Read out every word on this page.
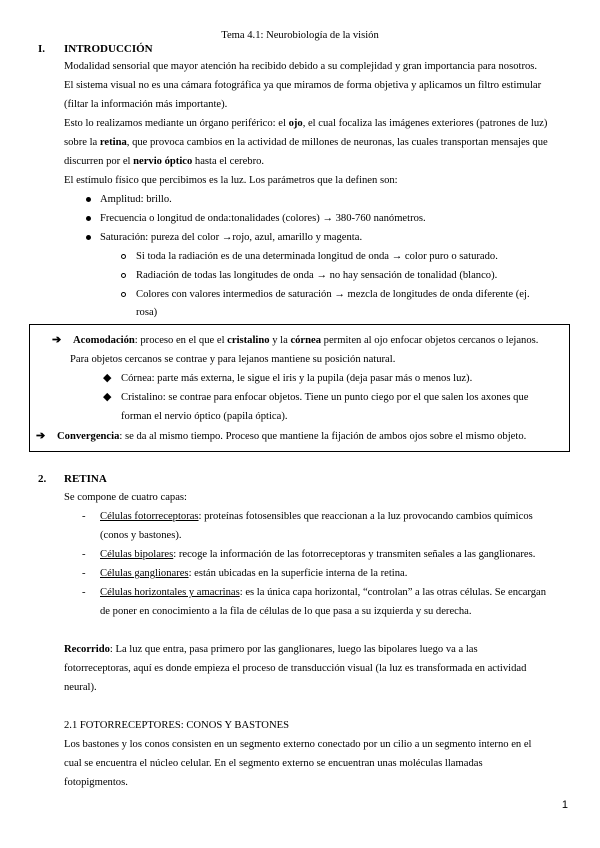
Tema 4.1: Neurobiología de la visión
I. INTRODUCCIÓN
Modalidad sensorial que mayor atención ha recibido debido a su complejidad y gran importancia para nosotros.
El sistema visual no es una cámara fotográfica ya que miramos de forma objetiva y aplicamos un filtro estimular
(filtar la información más importante).
Esto lo realizamos mediante un órgano periférico: el ojo, el cual focaliza las imágenes exteriores (patrones de luz)
sobre la retina, que provoca cambios en la actividad de millones de neuronas, las cuales transportan mensajes que
discurren por el nervio óptico hasta el cerebro.
El estímulo físico que percibimos es la luz. Los parámetros que la definen son:
Amplitud: brillo.
Frecuencia o longitud de onda:tonalidades (colores) → 380-760 nanómetros.
Saturación: pureza del color →rojo, azul, amarillo y magenta.
Si toda la radiación es de una determinada longitud de onda → color puro o saturado.
Radiación de todas las longitudes de onda → no hay sensación de tonalidad (blanco).
Colores con valores intermedios de saturación → mezcla de longitudes de onda diferente (ej.
rosa)
➔ Acomodación: proceso en el que el cristalino y la córnea permiten al ojo enfocar objetos cercanos o lejanos.
Para objetos cercanos se contrae y para lejanos mantiene su posición natural.
◆ Córnea: parte más externa, le sigue el iris y la pupila (deja pasar más o menos luz).
◆ Cristalino: se contrae para enfocar objetos. Tiene un punto ciego por el que salen los axones que
forman el nervio óptico (papila óptica).
➔ Convergencia: se da al mismo tiempo. Proceso que mantiene la fijación de ambos ojos sobre el mismo objeto.
2. RETINA
Se compone de cuatro capas:
- Células fotorreceptoras: proteínas fotosensibles que reaccionan a la luz provocando cambios químicos
(conos y bastones).
- Células bipolares: recoge la información de las fotorreceptoras y transmiten señales a las ganglionares.
- Células ganglionares: están ubicadas en la superficie interna de la retina.
- Células horizontales y amacrinas: es la única capa horizontal, “controlan” a las otras células. Se encargan
de poner en conocimiento a la fila de células de lo que pasa a su izquierda y su derecha.
Recorrido: La luz que entra, pasa primero por las ganglionares, luego las bipolares luego va a las
fotorreceptoras, aquí es donde empieza el proceso de transducción visual (la luz es transformada en actividad
neural).
2.1 FOTORRECEPTORES: CONOS Y BASTONES
Los bastones y los conos consisten en un segmento externo conectado por un cilio a un segmento interno en el
cual se encuentra el núcleo celular. En el segmento externo se encuentran unas moléculas llamadas
fotopigmentos.
1
